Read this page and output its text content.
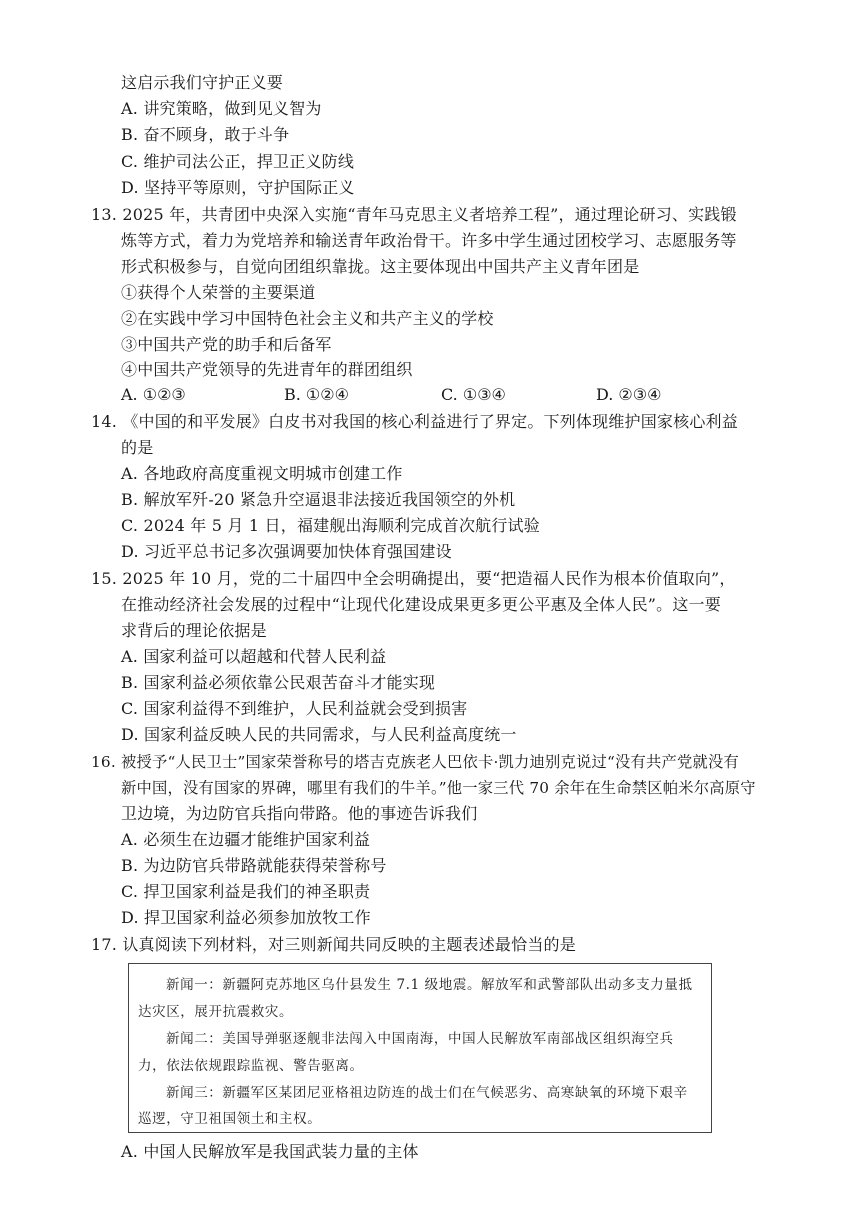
这启示我们守护正义要
A. 讲究策略，做到见义智为
B. 奋不顾身，敢于斗争
C. 维护司法公正，捍卫正义防线
D. 坚持平等原则，守护国际正义
13. 2025 年，共青团中央深入实施“青年马克思主义者培养工程”，通过理论研习、实践锻
炼等方式，着力为党培养和输送青年政治骨干。许多中学生通过团校学习、志愿服务等
形式积极参与，自觉向团组织靠拢。这主要体现出中国共产主义青年团是
①获得个人荣誉的主要渠道
②在实践中学习中国特色社会主义和共产主义的学校
③中国共产党的助手和后备军
④中国共产党领导的先进青年的群团组织
A. ①②③	B. ①②④	C. ①③④	D. ②③④
14. 《中国的和平发展》白皮书对我国的核心利益进行了界定。下列体现维护国家核心利益
的是
A. 各地政府高度重视文明城市创建工作
B. 解放军歼-20 紧急升空逼退非法接近我国领空的外机
C. 2024 年 5 月 1 日，福建舰出海顺利完成首次航行试验
D. 习近平总书记多次强调要加快体育强国建设
15. 2025 年 10 月，党的二十届四中全会明确提出，要“把造福人民作为根本价值取向”，
在推动经济社会发展的过程中“让现代化建设成果更多更公平惠及全体人民”。这一要
求背后的理论依据是
A. 国家利益可以超越和代替人民利益
B. 国家利益必须依靠公民艰苦奋斗才能实现
C. 国家利益得不到维护，人民利益就会受到损害
D. 国家利益反映人民的共同需求，与人民利益高度统一
16. 被授予“人民卫士”国家荣誉称号的塔吉克族老人巴依卡·凯力迪别克说过“没有共产党就没有
新中国，没有国家的界碑，哪里有我们的牛羊。”他一家三代 70 余年在生命禁区帕米尔高原守
卫边境，为边防官兵指向带路。他的事迹告诉我们
A. 必须生在边疆才能维护国家利益
B. 为边防官兵带路就能获得荣誉称号
C. 捍卫国家利益是我们的神圣职责
D. 捍卫国家利益必须参加放牧工作
17. 认真阅读下列材料，对三则新闻共同反映的主题表述最恰当的是
新闻一：新疆阿克苏地区乌什县发生 7.1 级地震。解放军和武警部队出动多支力量抵
达灾区，展开抗震救灾。
新闻二：美国导弹驱逐舰非法闯入中国南海，中国人民解放军南部战区组织海空兵
力，依法依规跟踪监视、警告驱离。
新闻三：新疆军区某团尼亚格祖边防连的战士们在气候恶劣、高寒缺氧的环境下艰辛
巡逻，守卫祖国领土和主权。
A. 中国人民解放军是我国武装力量的主体
